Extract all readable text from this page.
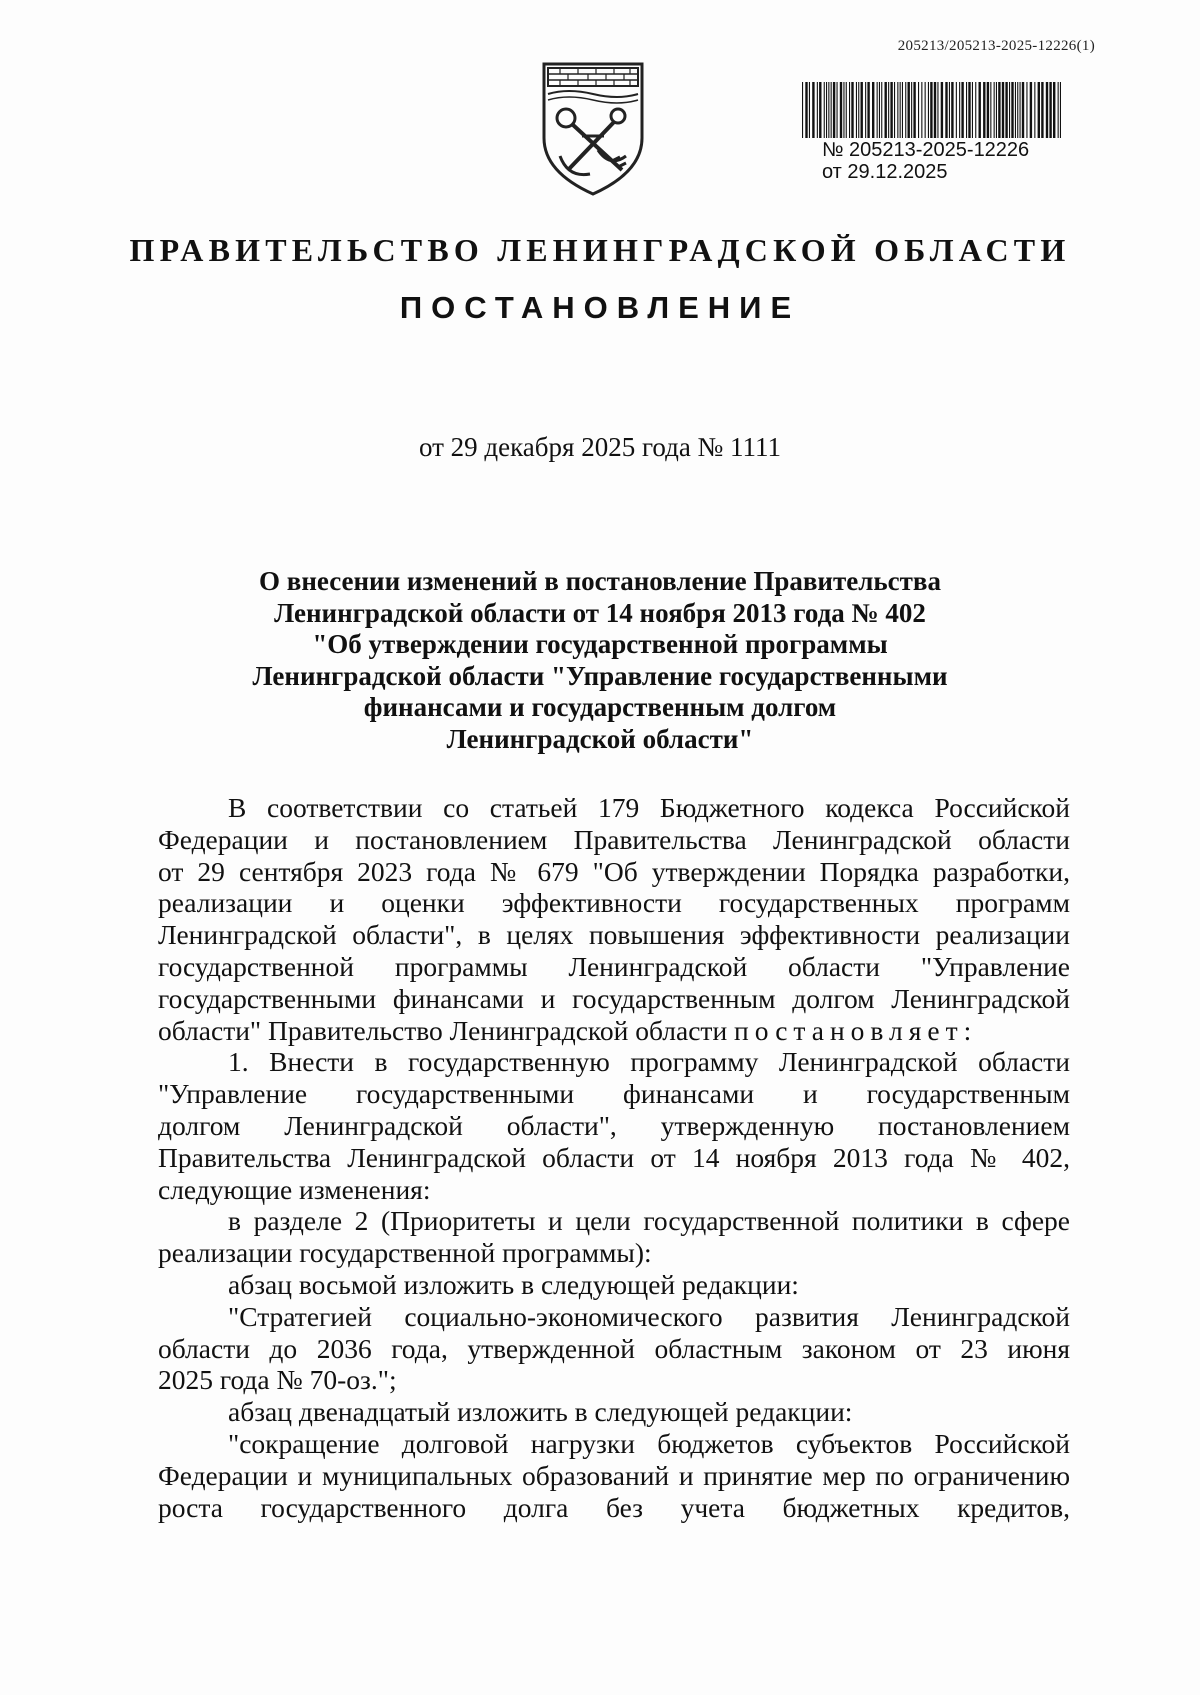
205213/205213-2025-12226(1)
№ 205213-2025-12226
от 29.12.2025
ПРАВИТЕЛЬСТВО ЛЕНИНГРАДСКОЙ ОБЛАСТИ
ПОСТАНОВЛЕНИЕ
от 29 декабря 2025 года № 1111
О внесении изменений в постановление Правительства
Ленинградской области от 14 ноября 2013 года № 402
"Об утверждении государственной программы
Ленинградской области "Управление государственными
финансами и государственным долгом
Ленинградской области"
В соответствии со статьей 179 Бюджетного кодекса Российской
Федерации и постановлением Правительства Ленинградской области
от 29 сентября 2023 года № 679 "Об утверждении Порядка разработки,
реализации и оценки эффективности государственных программ
Ленинградской области", в целях повышения эффективности реализации
государственной программы Ленинградской области "Управление
государственными финансами и государственным долгом Ленинградской
области" Правительство Ленинградской области постановляет:
1. Внести в государственную программу Ленинградской области
"Управление государственными финансами и государственным
долгом Ленинградской области", утвержденную постановлением
Правительства Ленинградской области от 14 ноября 2013 года № 402,
следующие изменения:
в разделе 2 (Приоритеты и цели государственной политики в сфере
реализации государственной программы):
абзац восьмой изложить в следующей редакции:
"Стратегией социально-экономического развития Ленинградской
области до 2036 года, утвержденной областным законом от 23 июня
2025 года № 70-оз.";
абзац двенадцатый изложить в следующей редакции:
"сокращение долговой нагрузки бюджетов субъектов Российской
Федерации и муниципальных образований и принятие мер по ограничению
роста государственного долга без учета бюджетных кредитов,
